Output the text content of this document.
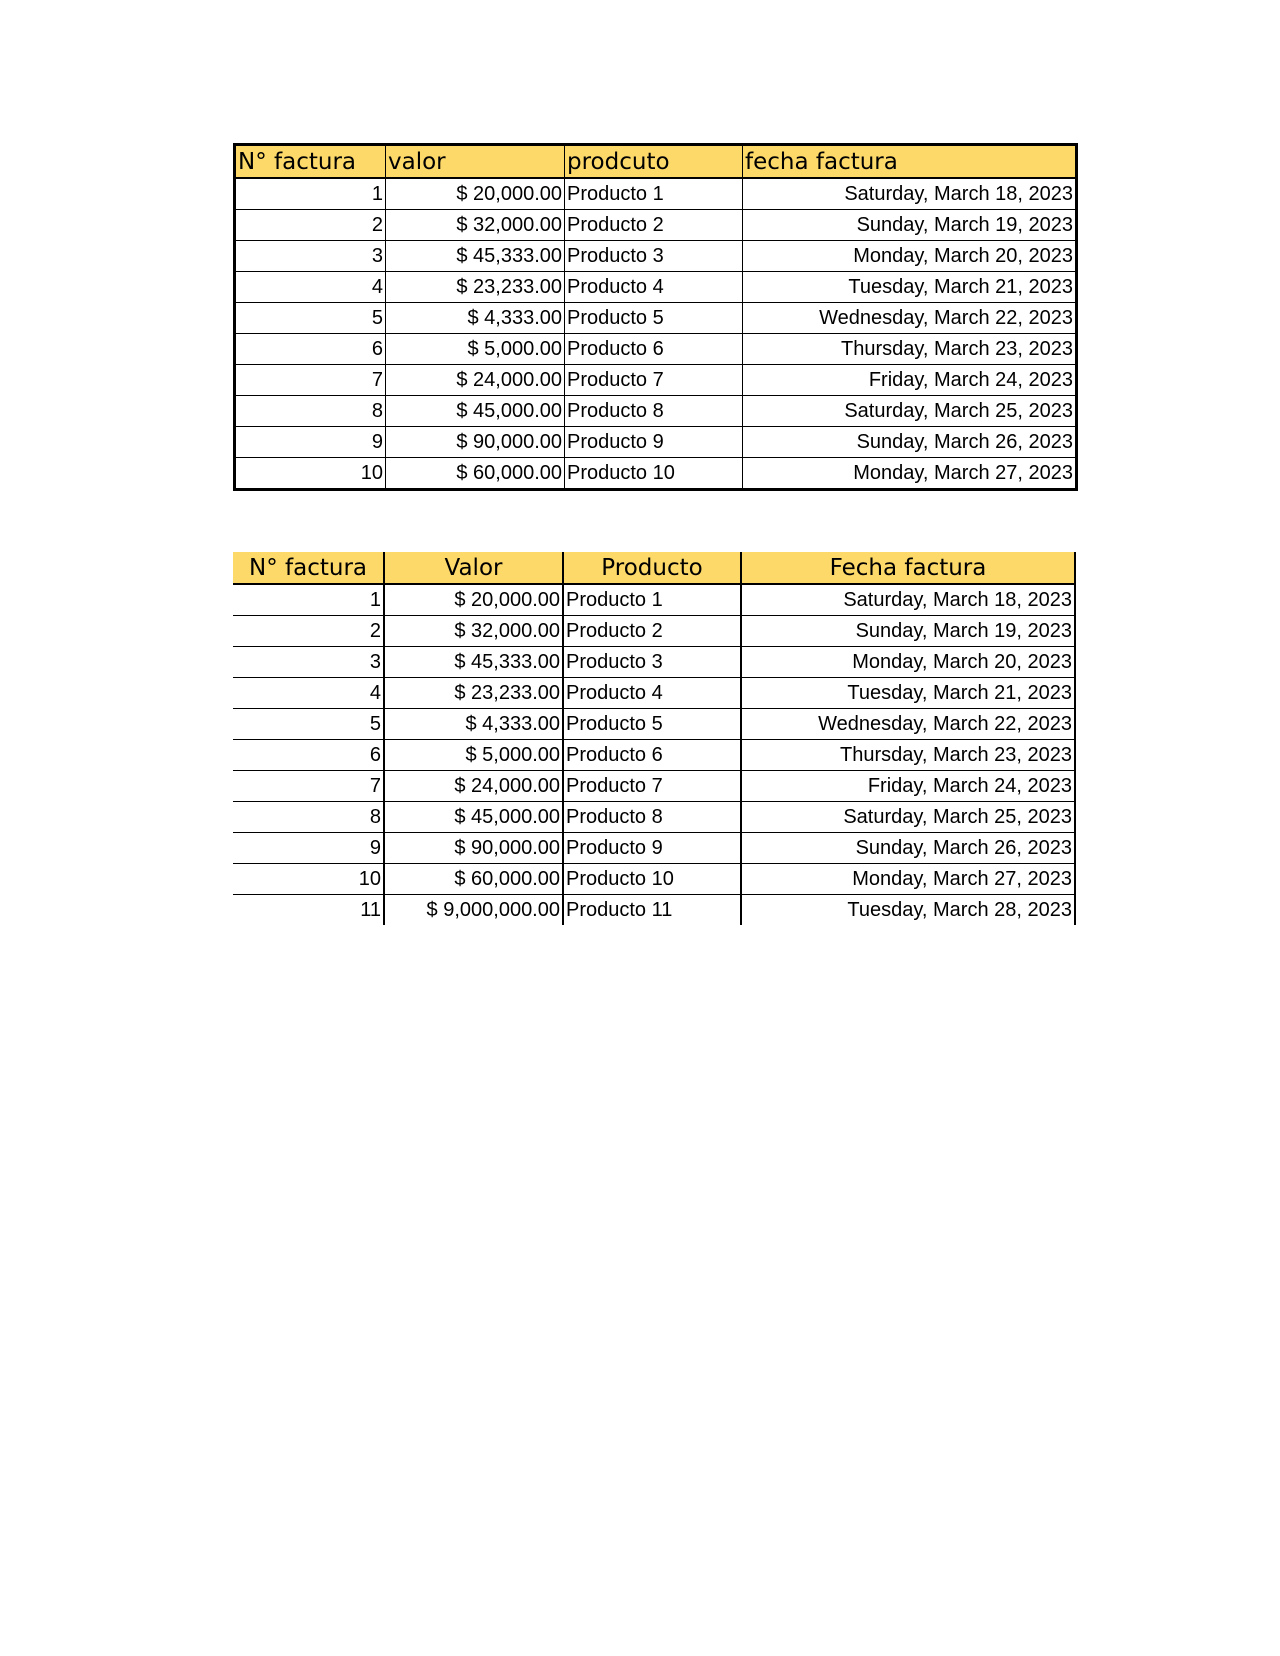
N° factura	valor	prodcuto	fecha factura
1	$ 20,000.00	Producto 1	Saturday, March 18, 2023
2	$ 32,000.00	Producto 2	Sunday, March 19, 2023
3	$ 45,333.00	Producto 3	Monday, March 20, 2023
4	$ 23,233.00	Producto 4	Tuesday, March 21, 2023
5	$ 4,333.00	Producto 5	Wednesday, March 22, 2023
6	$ 5,000.00	Producto 6	Thursday, March 23, 2023
7	$ 24,000.00	Producto 7	Friday, March 24, 2023
8	$ 45,000.00	Producto 8	Saturday, March 25, 2023
9	$ 90,000.00	Producto 9	Sunday, March 26, 2023
10	$ 60,000.00	Producto 10	Monday, March 27, 2023
N° factura	Valor	Producto	Fecha factura
1	$ 20,000.00	Producto 1	Saturday, March 18, 2023
2	$ 32,000.00	Producto 2	Sunday, March 19, 2023
3	$ 45,333.00	Producto 3	Monday, March 20, 2023
4	$ 23,233.00	Producto 4	Tuesday, March 21, 2023
5	$ 4,333.00	Producto 5	Wednesday, March 22, 2023
6	$ 5,000.00	Producto 6	Thursday, March 23, 2023
7	$ 24,000.00	Producto 7	Friday, March 24, 2023
8	$ 45,000.00	Producto 8	Saturday, March 25, 2023
9	$ 90,000.00	Producto 9	Sunday, March 26, 2023
10	$ 60,000.00	Producto 10	Monday, March 27, 2023
11	$ 9,000,000.00	Producto 11	Tuesday, March 28, 2023
